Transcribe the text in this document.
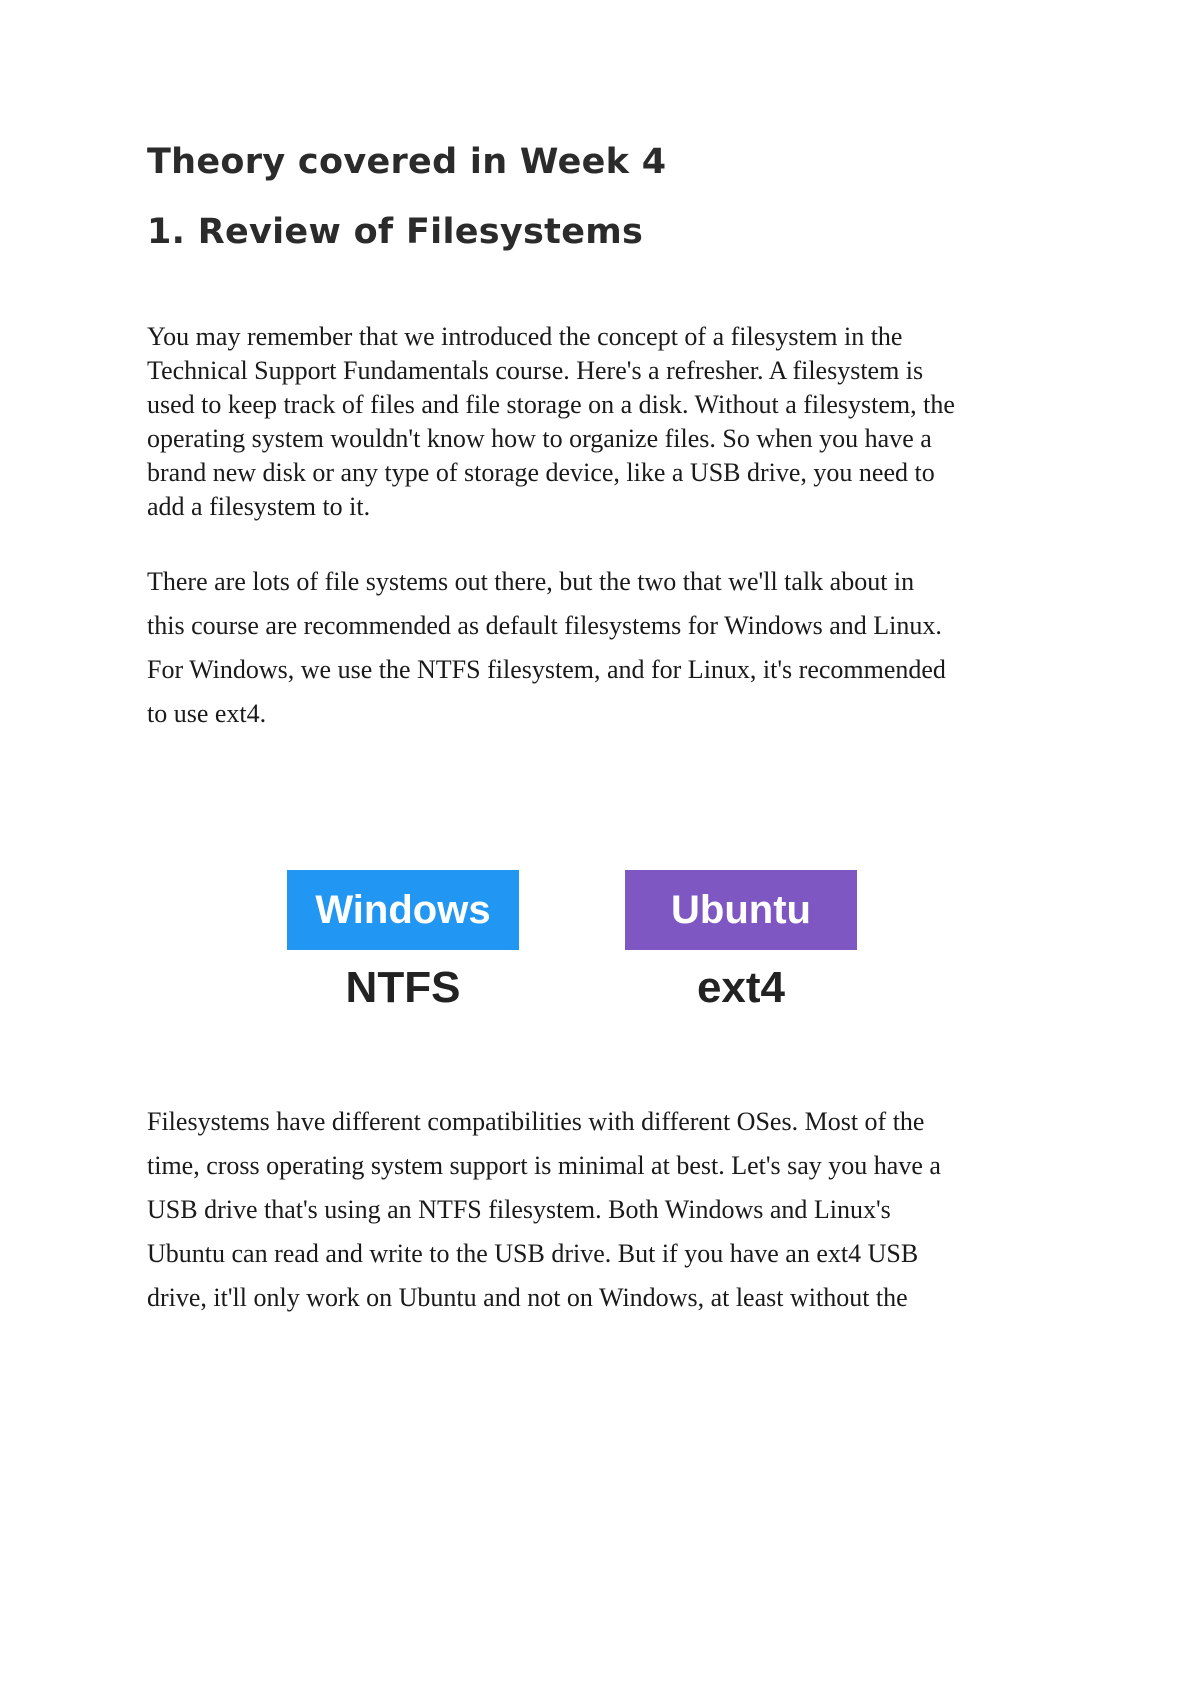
Theory covered in Week 4
1. Review of Filesystems

You may remember that we introduced the concept of a filesystem in the
Technical Support Fundamentals course. Here's a refresher. A filesystem is
used to keep track of files and file storage on a disk. Without a filesystem, the
operating system wouldn't know how to organize files. So when you have a
brand new disk or any type of storage device, like a USB drive, you need to
add a filesystem to it.

There are lots of file systems out there, but the two that we'll talk about in
this course are recommended as default filesystems for Windows and Linux.
For Windows, we use the NTFS filesystem, and for Linux, it's recommended
to use ext4.

Windows
NTFS
Ubuntu
ext4

Filesystems have different compatibilities with different OSes. Most of the
time, cross operating system support is minimal at best. Let's say you have a
USB drive that's using an NTFS filesystem. Both Windows and Linux's
Ubuntu can read and write to the USB drive. But if you have an ext4 USB
drive, it'll only work on Ubuntu and not on Windows, at least without the
